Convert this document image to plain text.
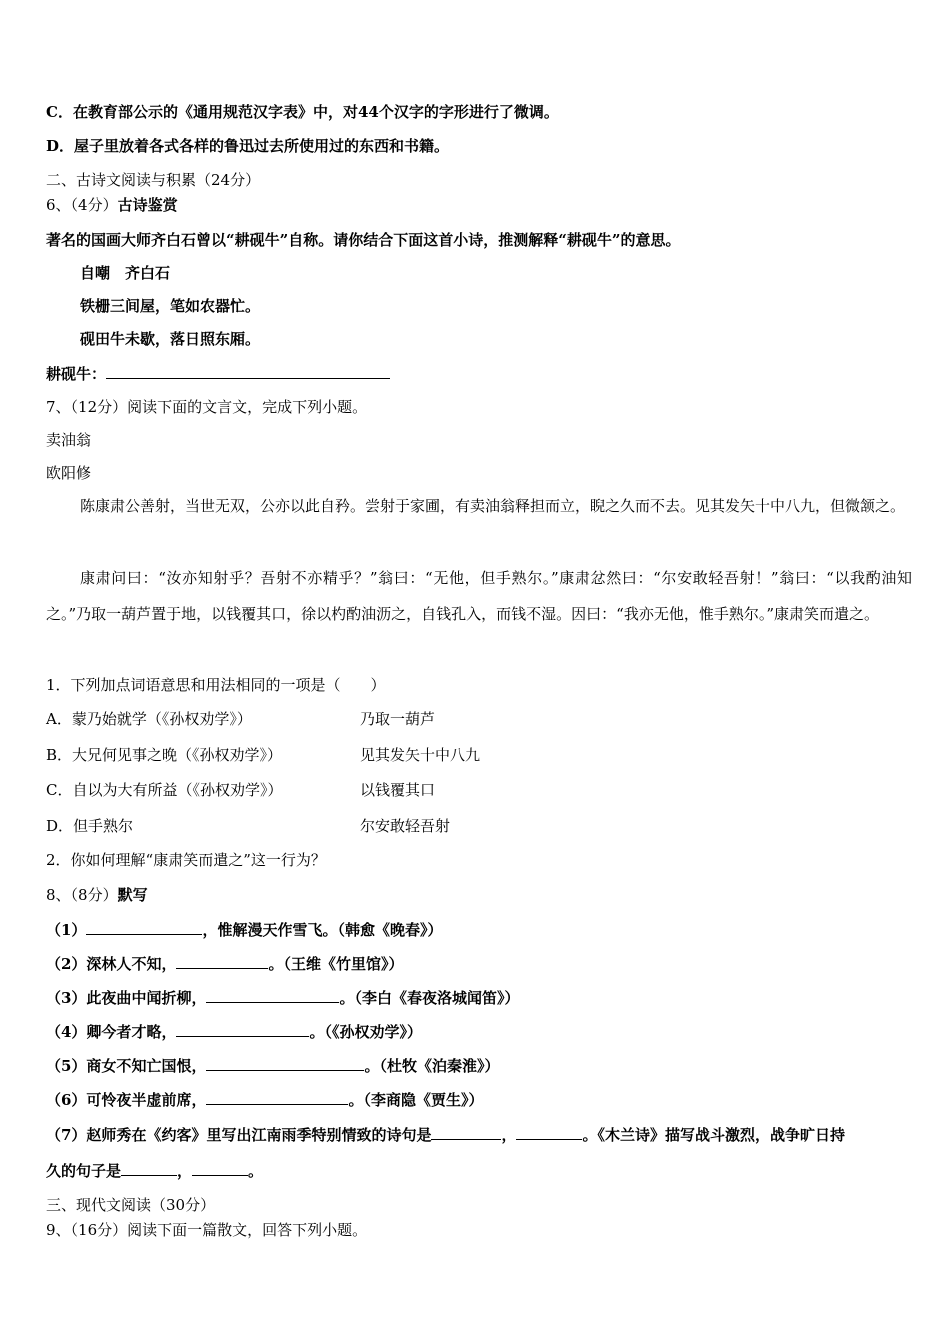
C．在教育部公示的《通用规范汉字表》中，对44个汉字的字形进行了微调。
D．屋子里放着各式各样的鲁迅过去所使用过的东西和书籍。
二、古诗文阅读与积累（24分）
6、（4分）古诗鉴赏
著名的国画大师齐白石曾以“耕砚牛”自称。请你结合下面这首小诗，推测解释“耕砚牛”的意思。
自嘲　齐白石
铁栅三间屋，笔如农器忙。
砚田牛未歇，落日照东厢。
耕砚牛：
7、（12分）阅读下面的文言文，完成下列小题。
卖油翁
欧阳修
陈康肃公善射，当世无双，公亦以此自矜。尝射于家圃，有卖油翁释担而立，睨之久而不去。见其发矢十中八九，但微颔之。
康肃问曰：“汝亦知射乎？吾射不亦精乎？”翁曰：“无他，但手熟尔。”康肃忿然曰：“尔安敢轻吾射！”翁曰：“以我酌油知之。”乃取一葫芦置于地，以钱覆其口，徐以杓酌油沥之，自钱孔入，而钱不湿。因曰：“我亦无他，惟手熟尔。”康肃笑而遣之。
1．下列加点词语意思和用法相同的一项是（　　）
A．蒙乃始就学（《孙权劝学》）	乃取一葫芦
B．大兄何见事之晚（《孙权劝学》）	见其发矢十中八九
C．自以为大有所益（《孙权劝学》）	以钱覆其口
D．但手熟尔	尔安敢轻吾射
2．你如何理解“康肃笑而遣之”这一行为？
8、（8分）默写
（1）	，惟解漫天作雪飞。（韩愈《晚春》）
（2）深林人不知，	。（王维《竹里馆》）
（3）此夜曲中闻折柳，	。（李白《春夜洛城闻笛》）
（4）卿今者才略，	。（《孙权劝学》）
（5）商女不知亡国恨，	。（杜牧《泊秦淮》）
（6）可怜夜半虚前席，	。（李商隐《贾生》）
（7）赵师秀在《约客》里写出江南雨季特别情致的诗句是	，	。《木兰诗》描写战斗激烈，战争旷日持
久的句子是	，	。
三、现代文阅读（30分）
9、（16分）阅读下面一篇散文，回答下列小题。
